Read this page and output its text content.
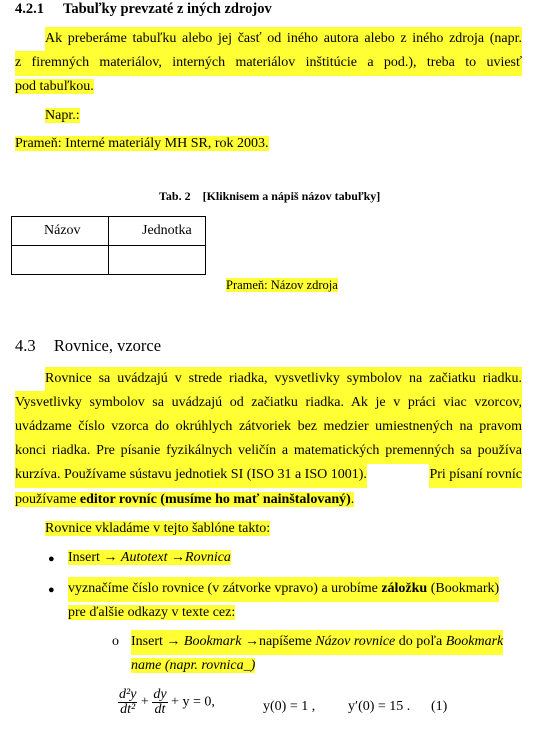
4.2.1 Tabuľky prevzaté z iných zdrojov
Ak preberáme tabuľku alebo jej časť od iného autora alebo z iného zdroja (napr.
z firemných materiálov, interných materiálov inštitúcie a pod.), treba to uviesť
pod tabuľkou.
Napr.:
Prameň: Interné materiály MH SR, rok 2003.
Tab. 2    [Kliknisem a nápiš názov tabuľky]
Názov	Jednotka

Prameň: Názov zdroja
4.3 Rovnice, vzorce
Rovnice sa uvádzajú v strede riadka, vysvetlivky symbolov na začiatku riadku.
Vysvetlivky symbolov sa uvádzajú od začiatku riadka. Ak je v práci viac vzorcov,
uvádzame číslo vzorca do okrúhlych zátvoriek bez medzier umiestnených na pravom
konci riadka. Pre písanie fyzikálnych veličín a matematických premenných sa používa
kurzíva. Používame sústavu jednotiek SI (ISO 31 a ISO 1001).	Pri písaní rovníc
používame editor rovníc (musíme ho mať nainštalovaný).
Rovnice vkladáme v tejto šablóne takto:
● Insert → Autotext →Rovnica
● vyznačíme číslo rovnice (v zátvorke vpravo) a urobíme záložku (Bookmark)
pre ďalšie odkazy v texte cez:
o Insert → Bookmark →napíšeme Názov rovnice do poľa Bookmark
name (napr. rovnica_)
$\frac{\text{d²y}}{\text{dt²}} + \frac{dy}{dt} + y = 0$,	y(0) = 1 , y′(0) = 15 . (1)
